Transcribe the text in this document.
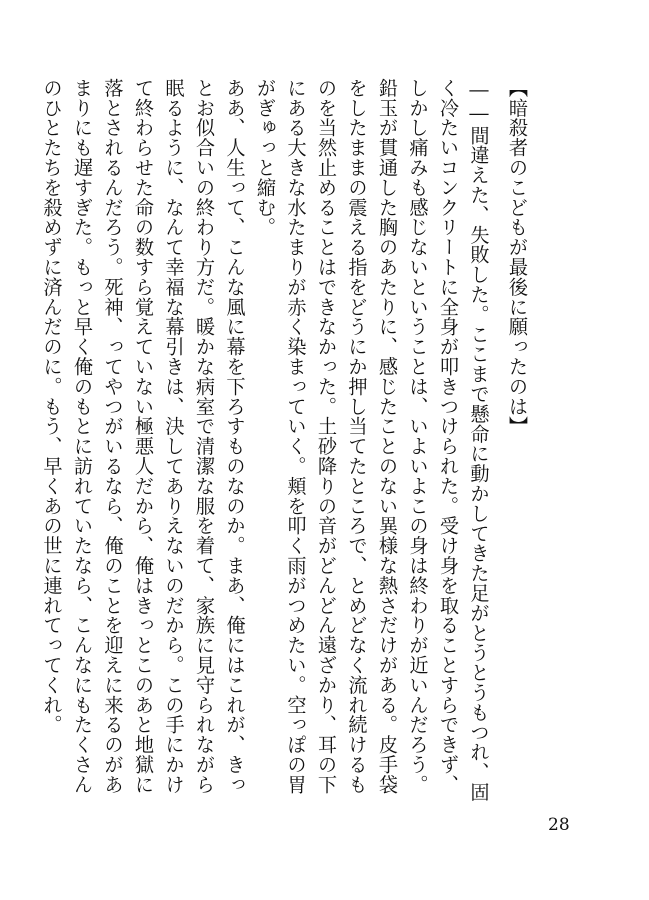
【暗殺者のこどもが最後に願ったのは】

――間違えた、失敗した。ここまで懸命に動かしてきた足がとうとうもつれ、固く冷たいコンクリートに全身が叩きつけられた。受け身を取ることすらできず、しかし痛みも感じないということは、いよいよこの身は終わりが近いんだろう。鉛玉が貫通した胸のあたりに、感じたことのない異様な熱さだけがある。皮手袋をしたままの震える指をどうにか押し当てたところで、とめどなく流れ続けるものを当然止めることはできなかった。土砂降りの音がどんどん遠ざかり、耳の下にある大きな水たまりが赤く染まっていく。頬を叩く雨がつめたい。空っぽの胃がぎゅっと縮む。

ああ、人生って、こんな風に幕を下ろすものなのか。まあ、俺にはこれが、きっとお似合いの終わり方だ。暖かな病室で清潔な服を着て、家族に見守られながら眠るように、なんて幸福な幕引きは、決してありえないのだから。この手にかけて終わらせた命の数すら覚えていない極悪人だから、俺はきっとこのあと地獄に落とされるんだろう。死神、ってやつがいるなら、俺のことを迎えに来るのがあまりにも遅すぎた。もっと早く俺のもとに訪れていたなら、こんなにもたくさんのひとたちを殺めずに済んだのに。もう、早くあの世に連れてってくれ。

28
